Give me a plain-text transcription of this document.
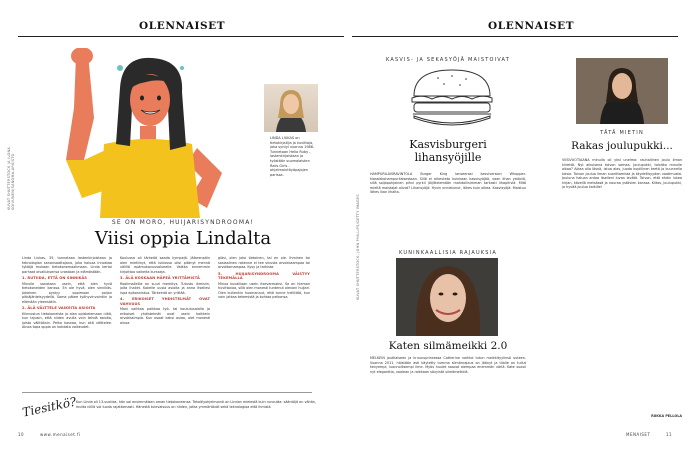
OLENNAISET
KUVAT SHUTTERSTOCK JA ILONA KOIVUNEN/SANOMA-ARKISTO
LINDA LIUKAS on tietokirjailija ja kuvittaja, joka syntyi vuonna 1986. Tunnetaan Hello Ruby -lastenkirjoistaan ja työstään suomalaisten Rails Girls -ohjelmointityöpajojen parissa.
SE ON MORO, HUIJARISYNDROOMA!
Viisi oppia Lindalta

Linda Liukas, 35, tunnetaan lastenkirjoistaan ja teknologian sanansaattajana, joka haluaa innostaa tyttöjä mukaan tietokonemaailmaan. Linda kertoi parhaat oivalluksensa urastaan ja elämästään.

1. RUTIIDA, ETTÄ ON SINNIKÄS

Minulle sanotaan usein, että olen hyvä tietokoneiden kanssa. En ole hyvä, olen sinnikäs. Jokainen pystyy oppimaan paljon pitkäjänteisyydellä. Sama pätee työhyvinvointiin ja elämään yleensäkin.

2. ÄLÄ VÄLTTELE VAIKEITA ASIOITA

Kiinnostun tietokoneista ja alan opiskelemaan niitä, kun tajusin, että niiden avulla voin tehdä asioita, joista välittäisin. Pelko kasvaa, kun sitä välttelee. Ainoa tapa oppia on kohdata vaikeudet.

Koulussa oli tärkeää saada kympejä. Jälkeenpäin olen miettinyt, että lukiossa olisi pitänyt mennä välillä epämukavuusalueelle. Vaikka ennemmin kirjoittaa vaikeita kursseja.

3. ÄLÄ KOSKAAN HÄPEÄ YRITTÄMISTÄ

Roolimalleilla on suuri merkitys. Tutustu ihmisiin, joita ihailet. Kokeile uusia asioita ja anna itsellesi lupa epäonnistua. Tärkeintä on yrittää.

4. ERIKOISET YHDISTELMÄT OVAT VAHVUUS

Moni vaihtaa paikkaa työ- tai koulutusalalla ja erikoiset yhdistelmät ovat usein kaikkein arvokkaimpia. Kun osaat kaksi asiaa, olet monesti ainoa.

giäsi, olen joko tietoinen, tai en ole. Ihminen tai sosiaalinen rakenne ei tee sinusta arvokkaampaa tai arvottomampaa. Kysy ja tarkista.

5. HUIJARISYNDROOMA VÄISTYY TEKEMÄLLÄ

Minua kuvaillaan usein itsevarmaksi. Se on hieman huvittavaa, sillä olen monesti tuntenut olevani huijari. Olen kuitenkin huomannut, että tunne hellittää, kun vain jatkaa tekemistä ja kohtaa pelkonsa.

Tiesitkö?
Kun Linda oli 13-vuotias, hän sai ensimmäisen oman tietokoneensa. Tekoälyohjelmointi on Lindan mielestä kuin runoutta: sääntöjä on vähän, mutta niillä voi luoda rajattomasti. Hänestä tulevaisuus on niiden, jotka ymmärtävät sekä teknologiaa että ihmisiä.
10	www.menaiset.fi
OLENNAISET
KUVAT SHUTTERSTOCK, JOHN PHILLIPS/GETTY IMAGES
KASVIS- JA SEKASYÖJÄ MAISTOIVAT
Kasvisburgeri
lihansyöjille
HAMPURILAISRAVINTOLA Burger King lanseerasi kasviversion Whopper-klassikkohampurilaisestaan. Sillä ei aiheuteta kuinkaan kasvisyöjää, vaan lihan ystäviä, sillä soijapohjainen pihvi pyrkii jäljittelemään mahdollisimman tarkasti lihapihviä. Mitä mieltä maistajat olivat? Lihansyöjä: Hyvin onnistunut, lähes kuin oikea. Kasvisyöjä: Maistuu lähes liian lihalta.
KUNINKAALLISIA RAJAUKSIA
Katen silmämeikki 2.0
MELKEIN joutilaiseen ja kruunuprinsessa Catherine vaihtoi tutun meikkityylinsä uuteen. Vuonna 2011, häistään asti käytetty tumma silmänrajaus on jäänyt ja tilalle on tullut kevyempi, luonnollisempi ilme. Myös huulet saavat aiempaa enemmän väriä. Kate suosii nyt eleganttia, vaalean ja raikkaan sävyistä silmämeikkiä.
TÄTÄ MIETIN
Rakas joulupukki...
VIISIVUOTIAANA minulla oli yksi unelma: rauhallinen joulu ilman kiirettä. Nyt aikuisena toivon samaa. Joulupukki, toisitko minulle aikaa? Aikaa olla läsnä, istua alas, juoda kupillinen teetä ja kuunnella toisia. Toivon joulua ilman suorittamista ja täydellisyyden vaatimusta. Jouluna haluan antaa itselleni luvan levätä. Toivon, että ehdin lukea kirjan, kävellä metsässä ja nauraa ystävien kanssa. Kiitos, Joulupukki, ja hyvää joulua kaikille!
RIIKKA PELLOLA
MENAISET	11
